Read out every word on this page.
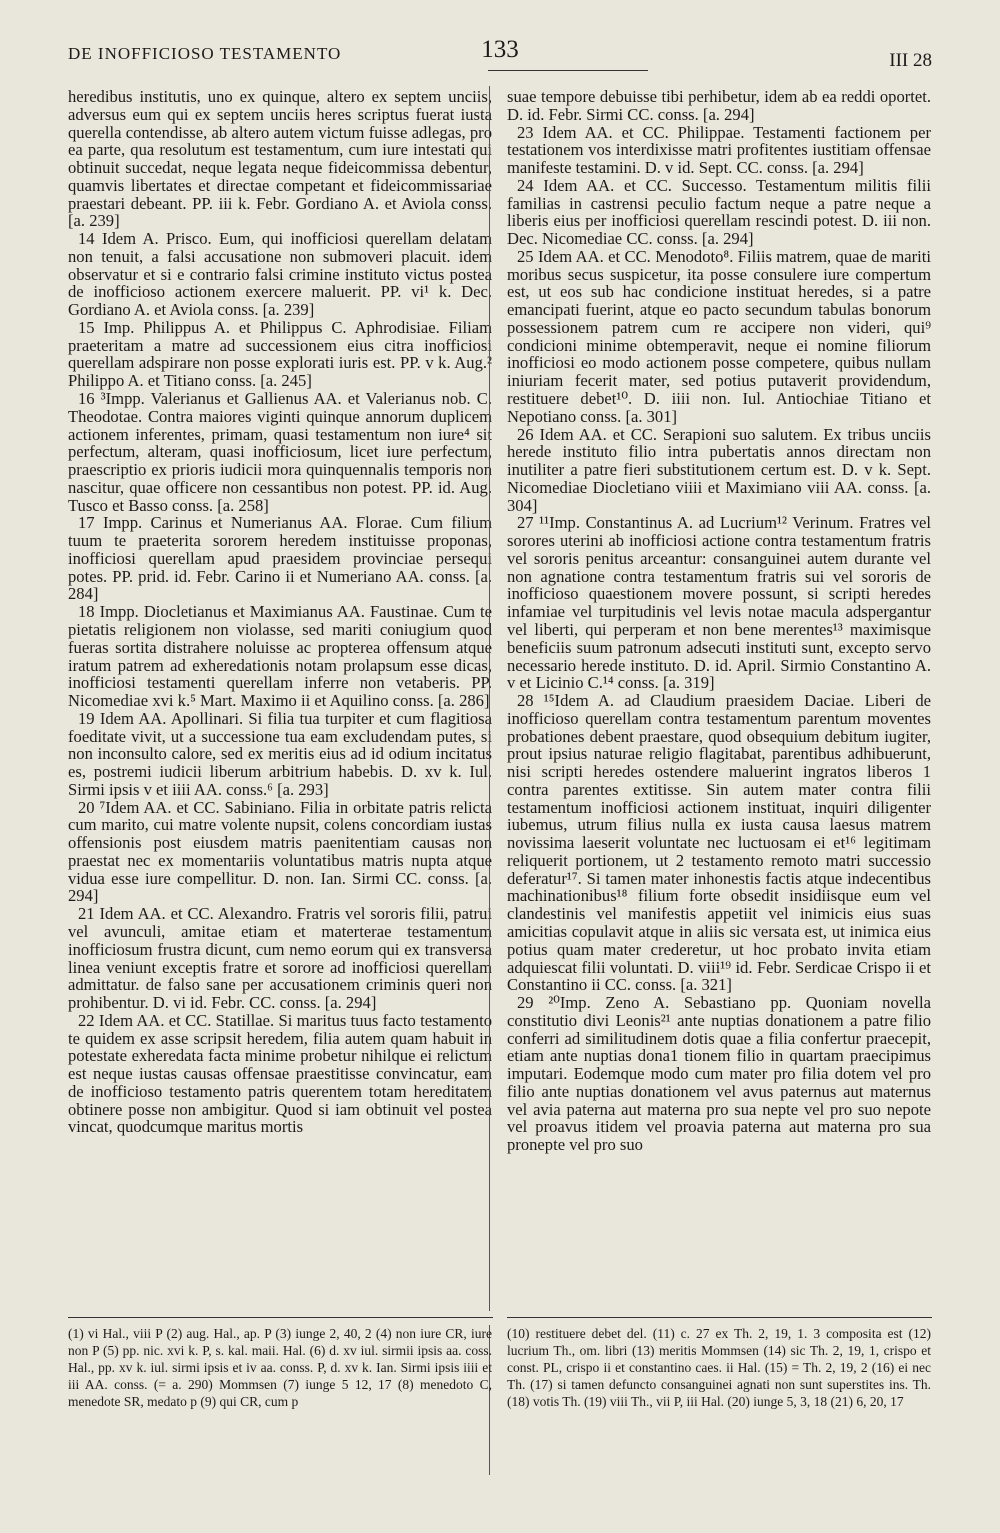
DE INOFFICIOSO TESTAMENTO	133	III 28

heredibus institutis, uno ex quinque, altero ex septem unciis, adversus eum qui ex septem unciis heres scriptus fuerat iusta querella contendisse, ab altero autem victum fuisse adlegas, pro ea parte, qua resolutum est testamentum, cum iure intestati qui obtinuit succedat, neque legata neque fideicommissa debentur, quamvis libertates et directae competant et fideicommissariae praestari debeant. PP. iii k. Febr. Gordiano A. et Aviola conss. [a. 239]

14 Idem A. Prisco. Eum, qui inofficiosi querellam delatam non tenuit, a falsi accusatione non submoveri placuit. idem observatur et si e contrario falsi crimine instituto victus postea de inofficioso actionem exercere maluerit. PP. vi¹ k. Dec. Gordiano A. et Aviola conss. [a. 239]

15 Imp. Philippus A. et Philippus C. Aphrodisiae. Filiam praeteritam a matre ad successionem eius citra inofficiosi querellam adspirare non posse explorati iuris est. PP. v k. Aug.² Philippo A. et Titiano conss. [a. 245]

16 ³Impp. Valerianus et Gallienus AA. et Valerianus nob. C. Theodotae. Contra maiores viginti quinque annorum duplicem actionem inferentes, primam, quasi testamentum non iure⁴ sit perfectum, alteram, quasi inofficiosum, licet iure perfectum, praescriptio ex prioris iudicii mora quinquennalis temporis non nascitur, quae officere non cessantibus non potest. PP. id. Aug. Tusco et Basso conss. [a. 258]

17 Impp. Carinus et Numerianus AA. Florae. Cum filium tuum te praeterita sororem heredem instituisse proponas, inofficiosi querellam apud praesidem provinciae persequi potes. PP. prid. id. Febr. Carino ii et Numeriano AA. conss. [a. 284]

18 Impp. Diocletianus et Maximianus AA. Faustinae. Cum te pietatis religionem non violasse, sed mariti coniugium quod fueras sortita distrahere noluisse ac propterea offensum atque iratum patrem ad exheredationis notam prolapsum esse dicas, inofficiosi testamenti querellam inferre non vetaberis. PP. Nicomediae xvi k.⁵ Mart. Maximo ii et Aquilino conss. [a. 286]

19 Idem AA. Apollinari. Si filia tua turpiter et cum flagitiosa foeditate vivit, ut a successione tua eam excludendam putes, si non inconsulto calore, sed ex meritis eius ad id odium incitatus es, postremi iudicii liberum arbitrium habebis. D. xv k. Iul. Sirmi ipsis v et iiii AA. conss.⁶ [a. 293]

20 ⁷Idem AA. et CC. Sabiniano. Filia in orbitate patris relicta cum marito, cui matre volente nupsit, colens concordiam iustas offensionis post eiusdem matris paenitentiam causas non praestat nec ex momentariis voluntatibus matris nupta atque vidua esse iure compellitur. D. non. Ian. Sirmi CC. conss. [a. 294]

21 Idem AA. et CC. Alexandro. Fratris vel sororis filii, patrui vel avunculi, amitae etiam et materterae testamentum inofficiosum frustra dicunt, cum nemo eorum qui ex transversa linea veniunt exceptis fratre et sorore ad inofficiosi querellam admittatur. de falso sane per accusationem criminis queri non prohibentur. D. vi id. Febr. CC. conss. [a. 294]

22 Idem AA. et CC. Statillae. Si maritus tuus facto testamento te quidem ex asse scripsit heredem, filia autem quam habuit in potestate exheredata facta minime probetur nihilque ei relictum est neque iustas causas offensae praestitisse convincatur, eam de inofficioso testamento patris querentem totam hereditatem obtinere posse non ambigitur. Quod si iam obtinuit vel postea vincat, quodcumque maritus mortis

suae tempore debuisse tibi perhibetur, idem ab ea reddi oportet. D. id. Febr. Sirmi CC. conss. [a. 294]

23 Idem AA. et CC. Philippae. Testamenti factionem per testationem vos interdixisse matri profitentes iustitiam offensae manifeste testamini. D. v id. Sept. CC. conss. [a. 294]

24 Idem AA. et CC. Successo. Testamentum militis filii familias in castrensi peculio factum neque a patre neque a liberis eius per inofficiosi querellam rescindi potest. D. iii non. Dec. Nicomediae CC. conss. [a. 294]

25 Idem AA. et CC. Menodoto⁸. Filiis matrem, quae de mariti moribus secus suspicetur, ita posse consulere iure compertum est, ut eos sub hac condicione instituat heredes, si a patre emancipati fuerint, atque eo pacto secundum tabulas bonorum possessionem patrem cum re accipere non videri, qui⁹ condicioni minime obtemperavit, neque ei nomine filiorum inofficiosi eo modo actionem posse competere, quibus nullam iniuriam fecerit mater, sed potius putaverit providendum, restituere debet¹⁰. D. iiii non. Iul. Antiochiae Titiano et Nepotiano conss. [a. 301]

26 Idem AA. et CC. Serapioni suo salutem. Ex tribus unciis herede instituto filio intra pubertatis annos directam non inutiliter a patre fieri substitutionem certum est. D. v k. Sept. Nicomediae Diocletiano viiii et Maximiano viii AA. conss. [a. 304]

27 ¹¹Imp. Constantinus A. ad Lucrium¹² Verinum. Fratres vel sorores uterini ab inofficiosi actione contra testamentum fratris vel sororis penitus arceantur: consanguinei autem durante vel non agnatione contra testamentum fratris sui vel sororis de inofficioso quaestionem movere possunt, si scripti heredes infamiae vel turpitudinis vel levis notae macula adspergantur vel liberti, qui perperam et non bene merentes¹³ maximisque beneficiis suum patronum adsecuti instituti sunt, excepto servo necessario herede instituto. D. id. April. Sirmio Constantino A. v et Licinio C.¹⁴ conss. [a. 319]

28 ¹⁵Idem A. ad Claudium praesidem Daciae. Liberi de inofficioso querellam contra testamentum parentum moventes probationes debent praestare, quod obsequium debitum iugiter, prout ipsius naturae religio flagitabat, parentibus adhibuerunt, nisi scripti heredes ostendere maluerint ingratos liberos 1 contra parentes extitisse. Sin autem mater contra filii testamentum inofficiosi actionem instituat, inquiri diligenter iubemus, utrum filius nulla ex iusta causa laesus matrem novissima laeserit voluntate nec luctuosam ei et¹⁶ legitimam reliquerit portionem, ut 2 testamento remoto matri successio deferatur¹⁷. Si tamen mater inhonestis factis atque indecentibus machinationibus¹⁸ filium forte obsedit insidiisque eum vel clandestinis vel manifestis appetiit vel inimicis eius suas amicitias copulavit atque in aliis sic versata est, ut inimica eius potius quam mater crederetur, ut hoc probato invita etiam adquiescat filii voluntati. D. viii¹⁹ id. Febr. Serdicae Crispo ii et Constantino ii CC. conss. [a. 321]

29 ²⁰Imp. Zeno A. Sebastiano pp. Quoniam novella constitutio divi Leonis²¹ ante nuptias donationem a patre filio conferri ad similitudinem dotis quae a filia confertur praecepit, etiam ante nuptias dona1 tionem filio in quartam praecipimus imputari. Eodemque modo cum mater pro filia dotem vel pro filio ante nuptias donationem vel avus paternus aut maternus vel avia paterna aut materna pro sua nepte vel pro suo nepote vel proavus itidem vel proavia paterna aut materna pro sua pronepte vel pro suo

(1) vi Hal., viii P (2) aug. Hal., ap. P (3) iunge 2, 40, 2 (4) non iure CR, iure non P (5) pp. nic. xvi k. P, s. kal. maii. Hal. (6) d. xv iul. sirmii ipsis aa. coss. Hal., pp. xv k. iul. sirmi ipsis et iv aa. conss. P, d. xv k. Ian. Sirmi ipsis iiii et iii AA. conss. (= a. 290) Mommsen (7) iunge 5 12, 17 (8) menedoto C, menedote SR, medato p (9) qui CR, cum p
(10) restituere debet del. (11) c. 27 ex Th. 2, 19, 1. 3 composita est (12) lucrium Th., om. libri (13) meritis Mommsen (14) sic Th. 2, 19, 1, crispo et const. PL, crispo ii et constantino caes. ii Hal. (15) = Th. 2, 19, 2 (16) ei nec Th. (17) si tamen defuncto consanguinei agnati non sunt superstites ins. Th. (18) votis Th. (19) viii Th., vii P, iii Hal. (20) iunge 5, 3, 18 (21) 6, 20, 17
